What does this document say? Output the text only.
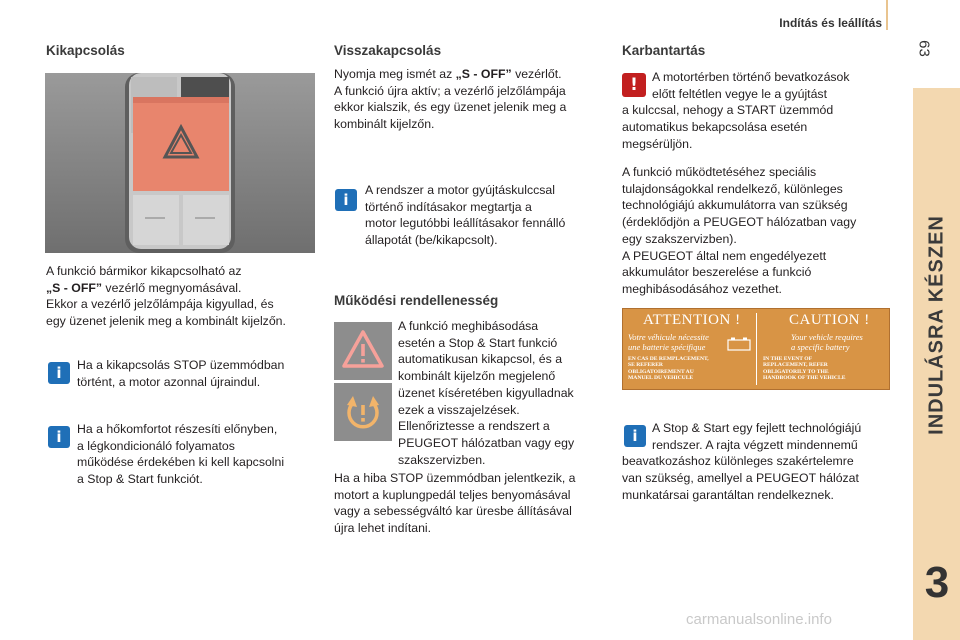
Indítás és leállítás
63
INDULÁSRA KÉSZEN
3
Kikapcsolás

A funkció bármikor kikapcsolható az

„S - OFF” vezérlő megnyomásával.

Ekkor a vezérlő jelzőlámpája kigyullad, és

egy üzenet jelenik meg a kombinált kijelzőn.

i	Ha a kikapcsolás STOP üzemmódban

történt, a motor azonnal újraindul.

i	Ha a hőkomfortot részesíti előnyben,

a légkondicionáló folyamatos

működése érdekében ki kell kapcsolni

a Stop & Start funkciót.

Visszakapcsolás

Nyomja meg ismét az „S - OFF” vezérlőt.

A funkció újra aktív; a vezérlő jelzőlámpája

ekkor kialszik, és egy üzenet jelenik meg a

kombinált kijelzőn.

i

A rendszer a motor gyújtáskulccsal

történő indításakor megtartja a

motor legutóbbi leállításakor fennálló

állapotát (be/kikapcsolt).

Működési rendellenesség

A funkció meghibásodása

esetén a Stop & Start funkció

automatikusan kikapcsol, és a

kombinált kijelzőn megjelenő

üzenet kíséretében kigyulladnak

ezek a visszajelzések.

Ellenőriztesse a rendszert a

PEUGEOT hálózatban vagy egy

szakszervizben.

Ha a hiba STOP üzemmódban jelentkezik, a

motort a kuplungpedál teljes benyomásával

vagy a sebességváltó kar üresbe állításával

újra lehet indítani.

Karbantartás
!	A motortérben történő bevatkozások

előtt feltétlen vegye le a gyújtást

a kulccsal, nehogy a START üzemmód

automatikus bekapcsolása esetén

megsérüljön.

A funkció működtetéséhez speciális

tulajdonságokkal rendelkező, különleges

technológiájú akkumulátorra van szükség

(érdeklődjön a PEUGEOT hálózatban vagy

egy szakszervizben).

A PEUGEOT által nem engedélyezett

akkumulátor beszerelése a funkció

meghibásodásához vezethet.

ATTENTION !
Votre véhicule nécessite
une batterie spécifique
EN CAS DE REMPLACEMENT,
SE REFERER
OBLIGATOIREMENT AU
MANUEL DU VEHICULE
CAUTION !
Your vehicle requires
a specific battery
IN THE EVENT OF
REPLACEMENT, REFER
OBLIGATORILY TO THE
HANDBOOK OF THE VEHICLE
i	A Stop & Start egy fejlett technológiájú

rendszer. A rajta végzett mindennemű

beavatkozáshoz különleges szakértelemre

van szükség, amellyel a PEUGEOT hálózat

munkatársai garantáltan rendelkeznek.

carmanualsonline.info
